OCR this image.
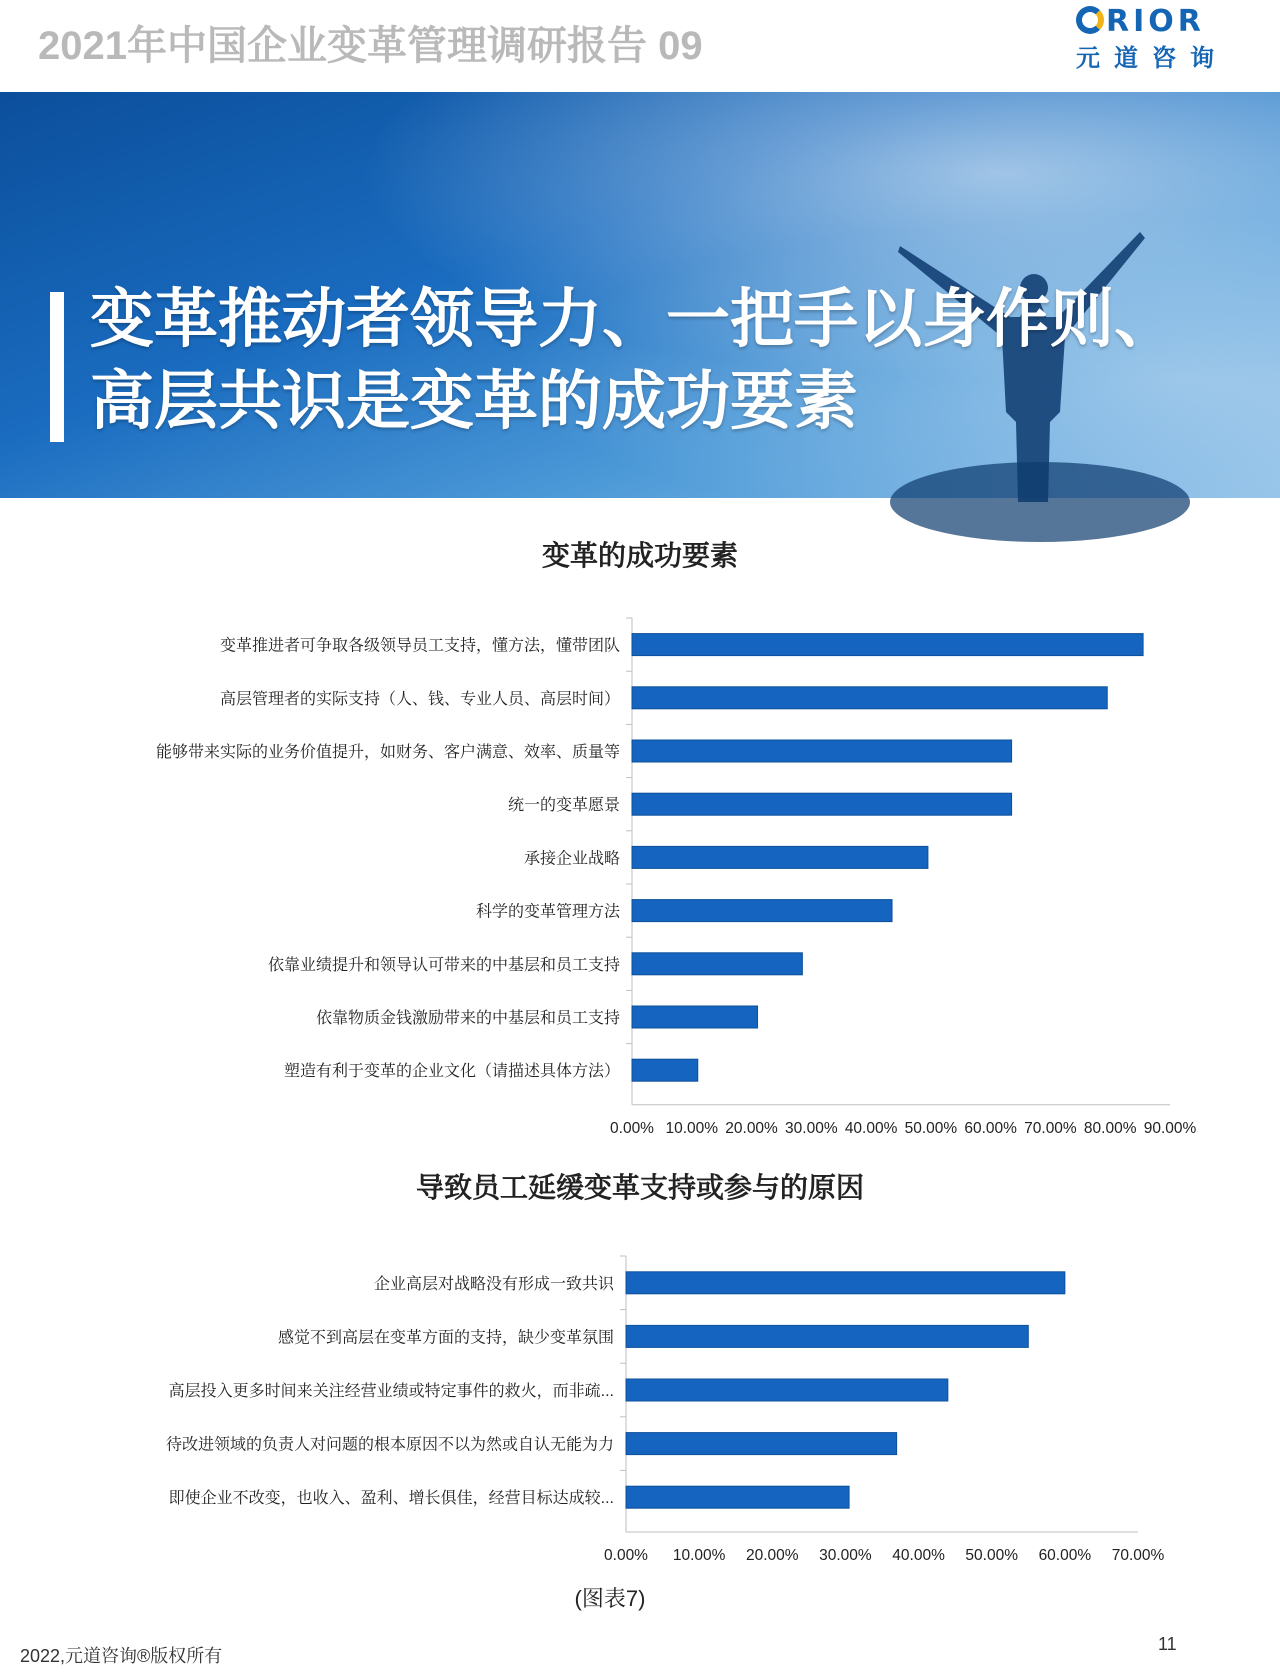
2021年中国企业变革管理调研报告 09
RIOR
元道咨询
变革推动者领导力、一把手以身作则、
高层共识是变革的成功要素
变革的成功要素
变革推进者可争取各级领导员工支持，懂方法，懂带团队
高层管理者的实际支持（人、钱、专业人员、高层时间）
能够带来实际的业务价值提升，如财务、客户满意、效率、质量等
统一的变革愿景
承接企业战略
科学的变革管理方法
依靠业绩提升和领导认可带来的中基层和员工支持
依靠物质金钱激励带来的中基层和员工支持
塑造有利于变革的企业文化（请描述具体方法）
0.00% 10.00% 20.00% 30.00% 40.00% 50.00% 60.00% 70.00% 80.00% 90.00%
导致员工延缓变革支持或参与的原因
企业高层对战略没有形成一致共识
感觉不到高层在变革方面的支持，缺少变革氛围
高层投入更多时间来关注经营业绩或特定事件的救火，而非疏...
待改进领域的负责人对问题的根本原因不以为然或自认无能为力
即使企业不改变，也收入、盈利、增长俱佳，经营目标达成较...
0.00% 10.00% 20.00% 30.00% 40.00% 50.00% 60.00% 70.00%
(图表7)
2022,元道咨询®版权所有
11
